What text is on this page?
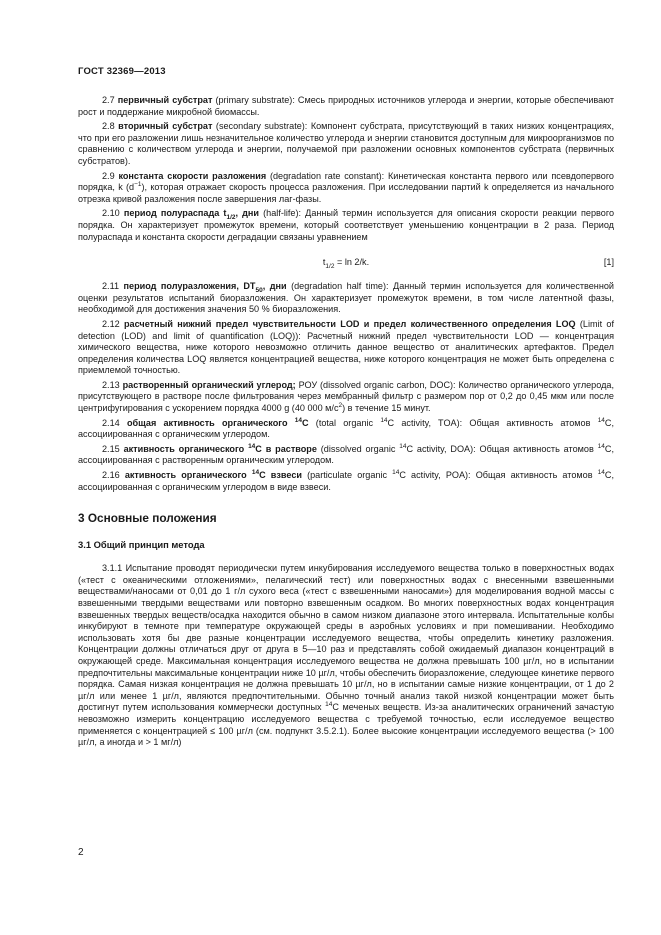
ГОСТ 32369—2013

2.7 первичный субстрат (primary substrate): Смесь природных источников углерода и энергии, которые обеспечивают рост и поддержание микробной биомассы.

2.8 вторичный субстрат (secondary substrate): Компонент субстрата, присутствующий в таких низких концентрациях, что при его разложении лишь незначительное количество углерода и энергии становится доступным для микроорганизмов по сравнению с количеством углерода и энергии, получаемой при разложении основных компонентов субстрата (первичных субстратов).

2.9 константа скорости разложения (degradation rate constant): Кинетическая константа первого или псевдопервого порядка, k $(d^{-1})$, которая отражает скорость процесса разложения. При исследовании партий k определяется из начального отрезка кривой разложения после завершения лаг-фазы.

2.10 период полураспада $t_{1/2}$, дни (half-life): Данный термин используется для описания скорости реакции первого порядка. Он характеризует промежуток времени, который соответствует уменьшению концентрации в 2 раза. Период полураспада и константа скорости деградации связаны уравнением

$t_{1/2} = \ln 2/k$.	[1]

2.11 период полуразложения, $DT_{50}$, дни (degradation half time): Данный термин используется для количественной оценки результатов испытаний биоразложения. Он характеризует промежуток времени, в том числе латентной фазы, необходимой для достижения значения 50 % биоразложения.

2.12 расчетный нижний предел чувствительности LOD и предел количественного определения LOQ (Limit of detection (LOD) and limit of quantification (LOQ)): Расчетный нижний предел чувствительности LOD — концентрация химического вещества, ниже которого невозможно отличить данное вещество от аналитических артефактов. Предел определения количества LOQ является концентрацией вещества, ниже которого концентрация не может быть определена с приемлемой точностью.

2.13 растворенный органический углерод; РОУ (dissolved organic carbon, DOC): Количество органического углерода, присутствующего в растворе после фильтрования через мембранный фильтр с размером пор от 0,2 до 0,45 мкм или после центрифугирования с ускорением порядка 4000 g (40 000 $м/с^2$) в течение 15 минут.

2.14 общая активность органического $^{14}$С (total organic $^{14}$C activity, TOA): Общая активность атомов $^{14}$С, ассоциированная с органическим углеродом.

2.15 активность органического $^{14}$С в растворе (dissolved organic $^{14}$C activity, DOA): Общая активность атомов $^{14}$С, ассоциированная с растворенным органическим углеродом.

2.16 активность органического $^{14}$С взвеси (particulate organic $^{14}$C activity, POA): Общая активность атомов $^{14}$С, ассоциированная с органическим углеродом в виде взвеси.

3 Основные положения
3.1 Общий принцип метода

3.1.1 Испытание проводят периодически путем инкубирования исследуемого вещества только в поверхностных водах («тест с океаническими отложениями», пелагический тест) или поверхностных водах с внесенными взвешенными веществами/наносами от 0,01 до 1 г/л сухого веса («тест с взвешенными наносами») для моделирования водной массы с взвешенными твердыми веществами или повторно взвешенным осадком. Во многих поверхностных водах концентрация взвешенных твердых веществ/осадка находится обычно в самом низком диапазоне этого интервала. Испытательные колбы инкубируют в темноте при температуре окружающей среды в аэробных условиях и при помешивании. Необходимо использовать хотя бы две разные концентрации исследуемого вещества, чтобы определить кинетику разложения. Концентрации должны отличаться друг от друга в 5—10 раз и представлять собой ожидаемый диапазон концентраций в окружающей среде. Максимальная концентрация исследуемого вещества не должна превышать 100 µг/л, но в испытании предпочтительны максимальные концентрации ниже 10 µг/л, чтобы обеспечить биоразложение, следующее кинетике первого порядка. Самая низкая концентрация не должна превышать 10 µг/л, но в испытании самые низкие концентрации, от 1 до 2 µг/л или менее 1 µг/л, являются предпочтительными. Обычно точный анализ такой низкой концентрации может быть достигнут путем использования коммерчески доступных $^{14}$С меченых веществ. Из-за аналитических ограничений зачастую невозможно измерить концентрацию исследуемого вещества с требуемой точностью, если исследуемое вещество применяется с концентрацией ≤ 100 µг/л (см. подпункт 3.5.2.1). Более высокие концентрации исследуемого вещества (> 100 µг/л, а иногда и > 1 мг/л)

2
